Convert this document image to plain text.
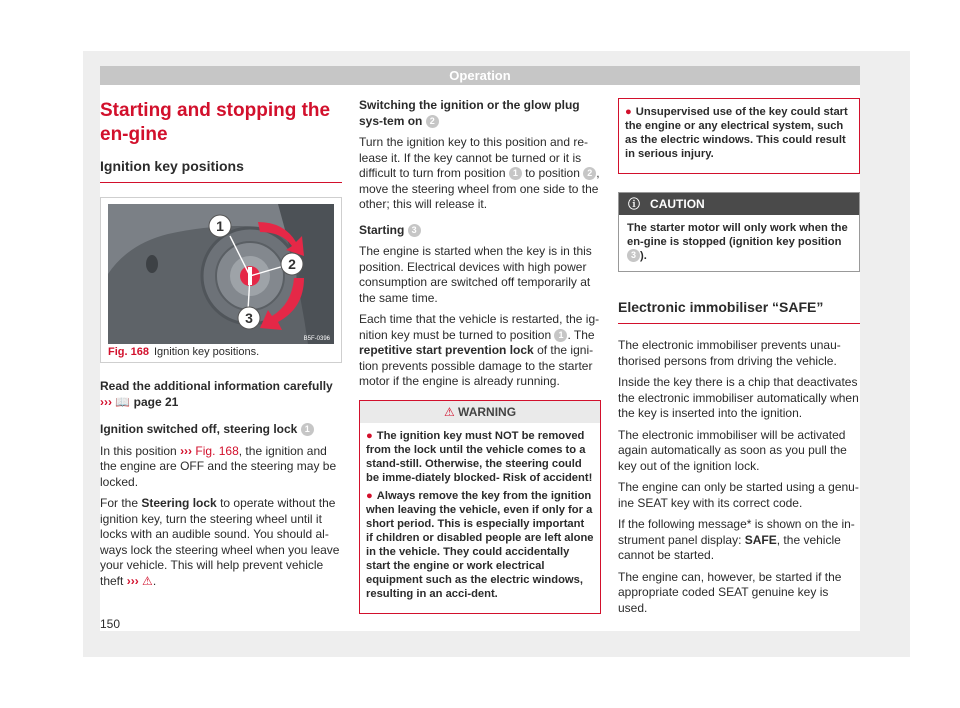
Operation
Starting and stopping the en-gine
Ignition key positions
1
2
3
B5F-0396
Fig. 168 Ignition key positions.

Read the additional information carefully
››› 📖 page 21

Ignition switched off, steering lock 1

In this position ››› Fig. 168, the ignition and the engine are OFF and the steering may be locked.

For the Steering lock to operate without the ignition key, turn the steering wheel until it locks with an audible sound. You should al-ways lock the steering wheel when you leave your vehicle. This will help prevent vehicle theft ››› ⚠.

Switching the ignition or the glow plug sys-tem on 2

Turn the ignition key to this position and re-lease it. If the key cannot be turned or it is difficult to turn from position 1 to position 2 , move the steering wheel from one side to the other; this will release it.

Starting 3

The engine is started when the key is in this position. Electrical devices with high power consumption are switched off temporarily at the same time.

Each time that the vehicle is restarted, the ig-nition key must be turned to position 1 . The repetitive start prevention lock of the igni-tion prevents possible damage to the starter motor if the engine is already running.

⚠ WARNING
● The ignition key must NOT be removed from the lock until the vehicle comes to a stand-still. Otherwise, the steering could be imme-diately blocked- Risk of accident!
● Always remove the key from the ignition when leaving the vehicle, even if only for a short period. This is especially important if children or disabled people are left alone in the vehicle. They could accidentally start the engine or work electrical equipment such as the electric windows, resulting in an acci-dent.
● Unsupervised use of the key could start the engine or any electrical system, such as the electric windows. This could result in serious injury.
ⓘ CAUTION
The starter motor will only work when the en-gine is stopped (ignition key position 3 ).
Electronic immobiliser “SAFE”

The electronic immobiliser prevents unau-thorised persons from driving the vehicle.

Inside the key there is a chip that deactivates the electronic immobiliser automatically when the key is inserted into the ignition.

The electronic immobiliser will be activated again automatically as soon as you pull the key out of the ignition lock.

The engine can only be started using a genu-ine SEAT key with its correct code.

If the following message* is shown on the in-strument panel display: SAFE, the vehicle cannot be started.

The engine can, however, be started if the appropriate coded SEAT genuine key is used.

150
